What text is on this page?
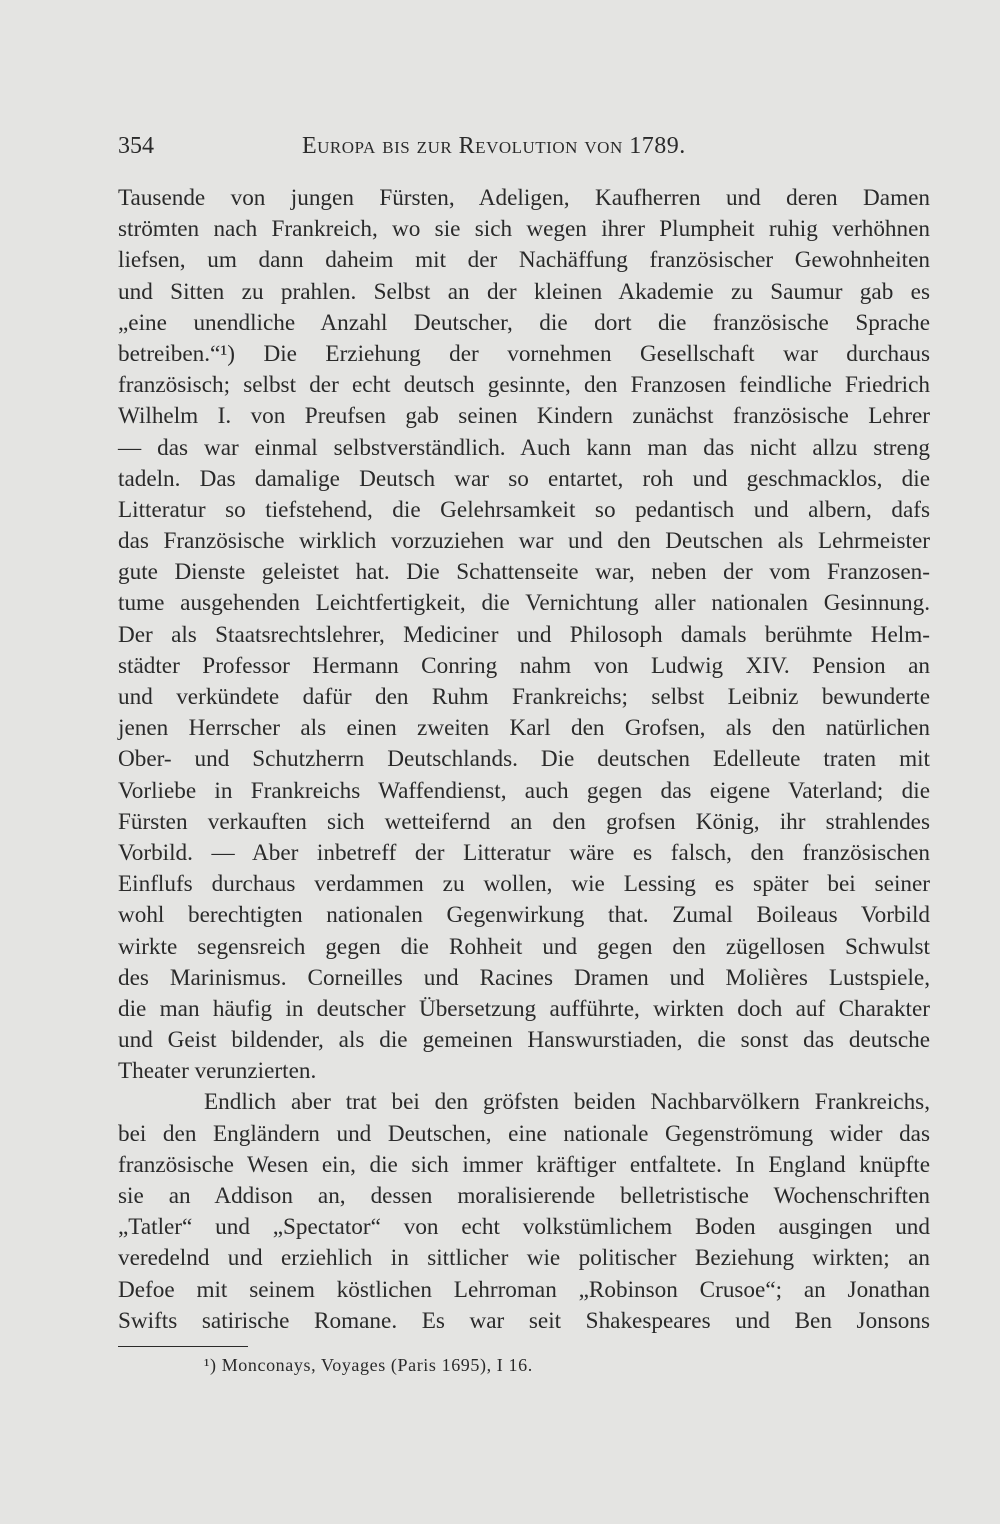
354	Europa bis zur Revolution von 1789.
Tausende von jungen Fürsten, Adeligen, Kaufherren und deren Damen
strömten nach Frankreich, wo sie sich wegen ihrer Plumpheit ruhig verhöhnen
liefsen, um dann daheim mit der Nachäffung französischer Gewohnheiten
und Sitten zu prahlen. Selbst an der kleinen Akademie zu Saumur gab es
„eine unendliche Anzahl Deutscher, die dort die französische Sprache
betreiben.“¹) Die Erziehung der vornehmen Gesellschaft war durchaus
französisch; selbst der echt deutsch gesinnte, den Franzosen feindliche Friedrich
Wilhelm I. von Preufsen gab seinen Kindern zunächst französische Lehrer
— das war einmal selbstverständlich. Auch kann man das nicht allzu streng
tadeln. Das damalige Deutsch war so entartet, roh und geschmacklos, die
Litteratur so tiefstehend, die Gelehrsamkeit so pedantisch und albern, dafs
das Französische wirklich vorzuziehen war und den Deutschen als Lehrmeister
gute Dienste geleistet hat. Die Schattenseite war, neben der vom Franzosen-
tume ausgehenden Leichtfertigkeit, die Vernichtung aller nationalen Gesinnung.
Der als Staatsrechtslehrer, Mediciner und Philosoph damals berühmte Helm-
städter Professor Hermann Conring nahm von Ludwig XIV. Pension an
und verkündete dafür den Ruhm Frankreichs; selbst Leibniz bewunderte
jenen Herrscher als einen zweiten Karl den Grofsen, als den natürlichen
Ober- und Schutzherrn Deutschlands. Die deutschen Edelleute traten mit
Vorliebe in Frankreichs Waffendienst, auch gegen das eigene Vaterland; die
Fürsten verkauften sich wetteifernd an den grofsen König, ihr strahlendes
Vorbild. — Aber inbetreff der Litteratur wäre es falsch, den französischen
Einflufs durchaus verdammen zu wollen, wie Lessing es später bei seiner
wohl berechtigten nationalen Gegenwirkung that. Zumal Boileaus Vorbild
wirkte segensreich gegen die Rohheit und gegen den zügellosen Schwulst
des Marinismus. Corneilles und Racines Dramen und Molières Lustspiele,
die man häufig in deutscher Übersetzung aufführte, wirkten doch auf Charakter
und Geist bildender, als die gemeinen Hanswurstiaden, die sonst das deutsche
Theater verunzierten.
Endlich aber trat bei den gröfsten beiden Nachbarvölkern Frankreichs,
bei den Engländern und Deutschen, eine nationale Gegenströmung wider das
französische Wesen ein, die sich immer kräftiger entfaltete. In England knüpfte
sie an Addison an, dessen moralisierende belletristische Wochenschriften
„Tatler“ und „Spectator“ von echt volkstümlichem Boden ausgingen und
veredelnd und erziehlich in sittlicher wie politischer Beziehung wirkten; an
Defoe mit seinem köstlichen Lehrroman „Robinson Crusoe“; an Jonathan
Swifts satirische Romane. Es war seit Shakespeares und Ben Jonsons
¹) Monconays, Voyages (Paris 1695), I 16.
